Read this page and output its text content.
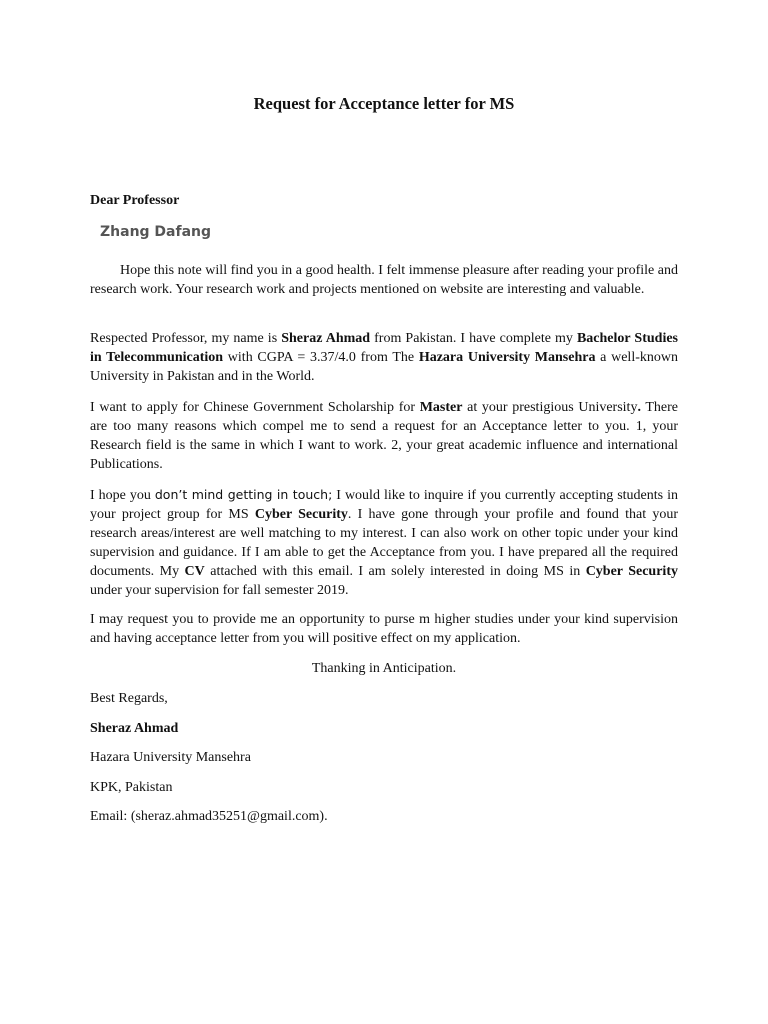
Request for Acceptance letter for MS
Dear Professor
Zhang Dafang
Hope this note will find you in a good health. I felt immense pleasure after reading your profile and research work. Your research work and projects mentioned on website are interesting and valuable.
Respected Professor, my name is Sheraz Ahmad from Pakistan. I have complete my Bachelor Studies in Telecommunication with CGPA = 3.37/4.0 from The Hazara University Mansehra a well-known University in Pakistan and in the World.
I want to apply for Chinese Government Scholarship for Master at your prestigious University. There are too many reasons which compel me to send a request for an Acceptance letter to you. 1, your Research field is the same in which I want to work. 2, your great academic influence and international Publications.
I hope you don’t mind getting in touch; I would like to inquire if you currently accepting students in your project group for MS Cyber Security. I have gone through your profile and found that your research areas/interest are well matching to my interest. I can also work on other topic under your kind supervision and guidance. If I am able to get the Acceptance from you. I have prepared all the required documents. My CV attached with this email. I am solely interested in doing MS in Cyber Security under your supervision for fall semester 2019.
I may request you to provide me an opportunity to purse m higher studies under your kind supervision and having acceptance letter from you will positive effect on my application.
Thanking in Anticipation.
Best Regards,
Sheraz Ahmad
Hazara University Mansehra
KPK, Pakistan
Email: (sheraz.ahmad35251@gmail.com).
